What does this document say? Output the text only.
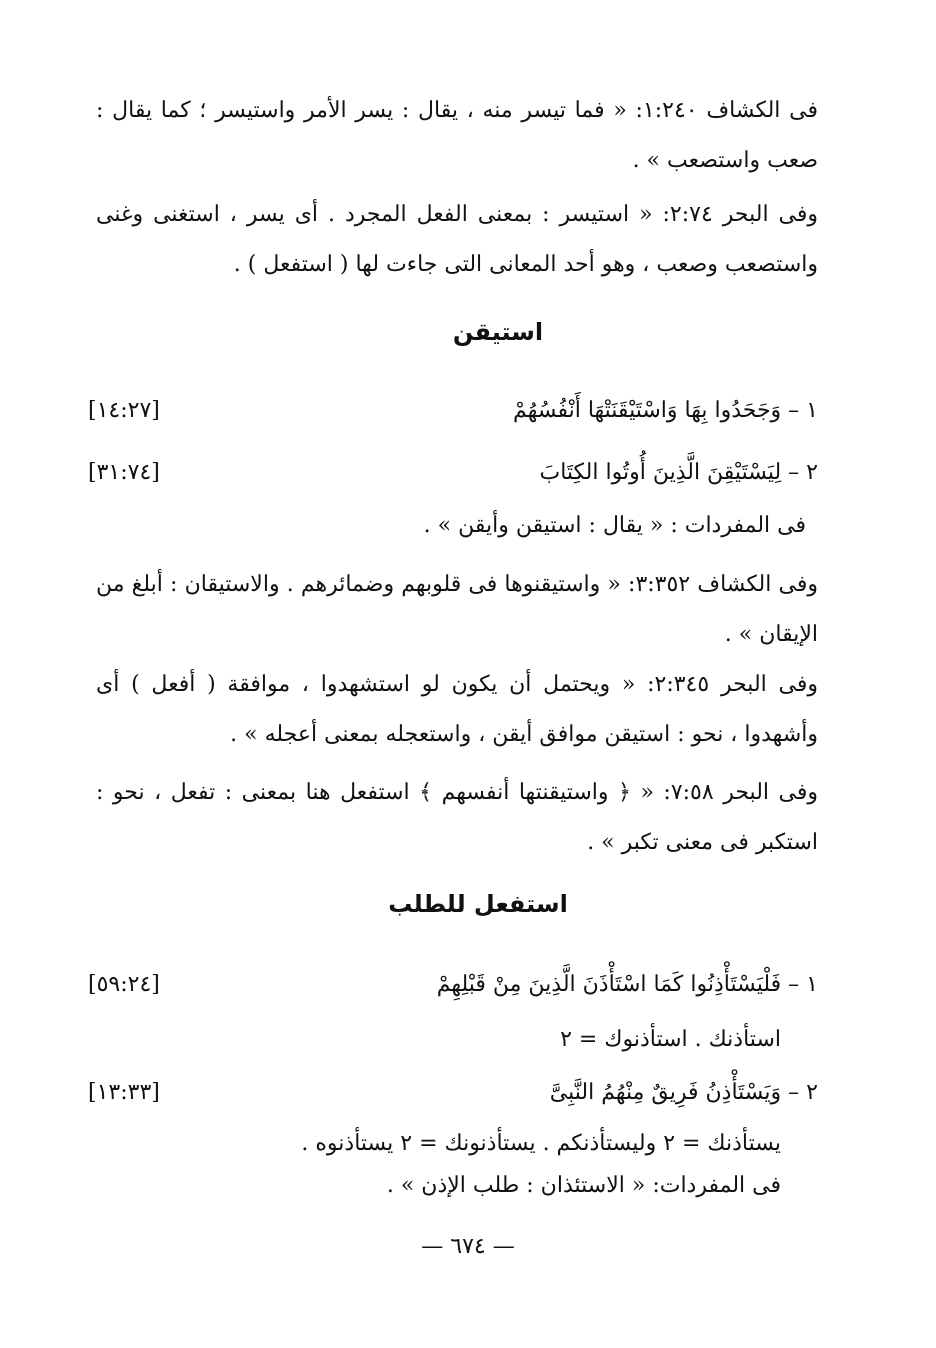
فى الكشاف ١:٢٤٠: « فما تيسر منه ، يقال : يسر الأمر واستيسر ؛ كما يقال : صعب واستصعب » .

وفى البحر ٢:٧٤: « استيسر : بمعنى الفعل المجرد . أى يسر ، استغنى وغنى واستصعب وصعب ، وهو أحد المعانى التى جاءت لها ( استفعل ) .

استيقن
١ – وَجَحَدُوا بِهَا وَاسْتَيْقَنَتْهَا أَنْفُسُهُمْ
[١٤:٢٧]
٢ – لِيَسْتَيْقِنَ الَّذِينَ أُوتُوا الكِتَابَ
[٣١:٧٤]
فى المفردات : « يقال : استيقن وأيقن » .

وفى الكشاف ٣:٣٥٢: « واستيقنوها فى قلوبهم وضمائرهم . والاستيقان : أبلغ من الإيقان » .

وفى البحر ٢:٣٤٥: « ويحتمل أن يكون لو استشهدوا ، موافقة ( أفعل ) أى وأشهدوا ، نحو : استيقن موافق أيقن ، واستعجله بمعنى أعجله » .

وفى البحر ٧:٥٨: « ﴿ واستيقنتها أنفسهم ﴾ استفعل هنا بمعنى : تفعل ، نحو : استكبر فى معنى تكبر » .

استفعل للطلب
١ – فَلْيَسْتَأْذِنُوا كَمَا اسْتَأْذَنَ الَّذِينَ مِنْ قَبْلِهِمْ
[٥٩:٢٤]
استأذنك . استأذنوك = ٢
٢ – وَيَسْتَأْذِنُ فَرِيقٌ مِنْهُمُ النَّبِىَّ
[١٣:٣٣]
يستأذنك = ٢ وليستأذنكم . يستأذنونك = ٢ يستأذنوه .
فى المفردات: « الاستئذان : طلب الإذن » .
— ٦٧٤ —
